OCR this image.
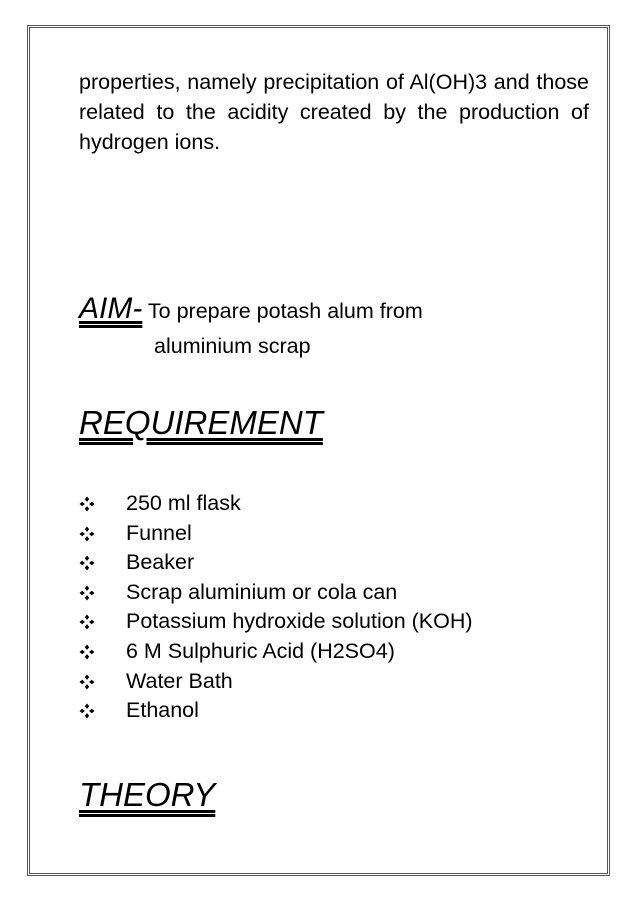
properties, namely precipitation of Al(OH)3 and those related to the acidity created by the production of hydrogen ions.

AIM- To prepare potash alum from
aluminium scrap
REQUIREMENT
250 ml flask
Funnel
Beaker
Scrap aluminium or cola can
Potassium hydroxide solution (KOH)
6 M Sulphuric Acid (H2SO4)
Water Bath
Ethanol
THEORY
